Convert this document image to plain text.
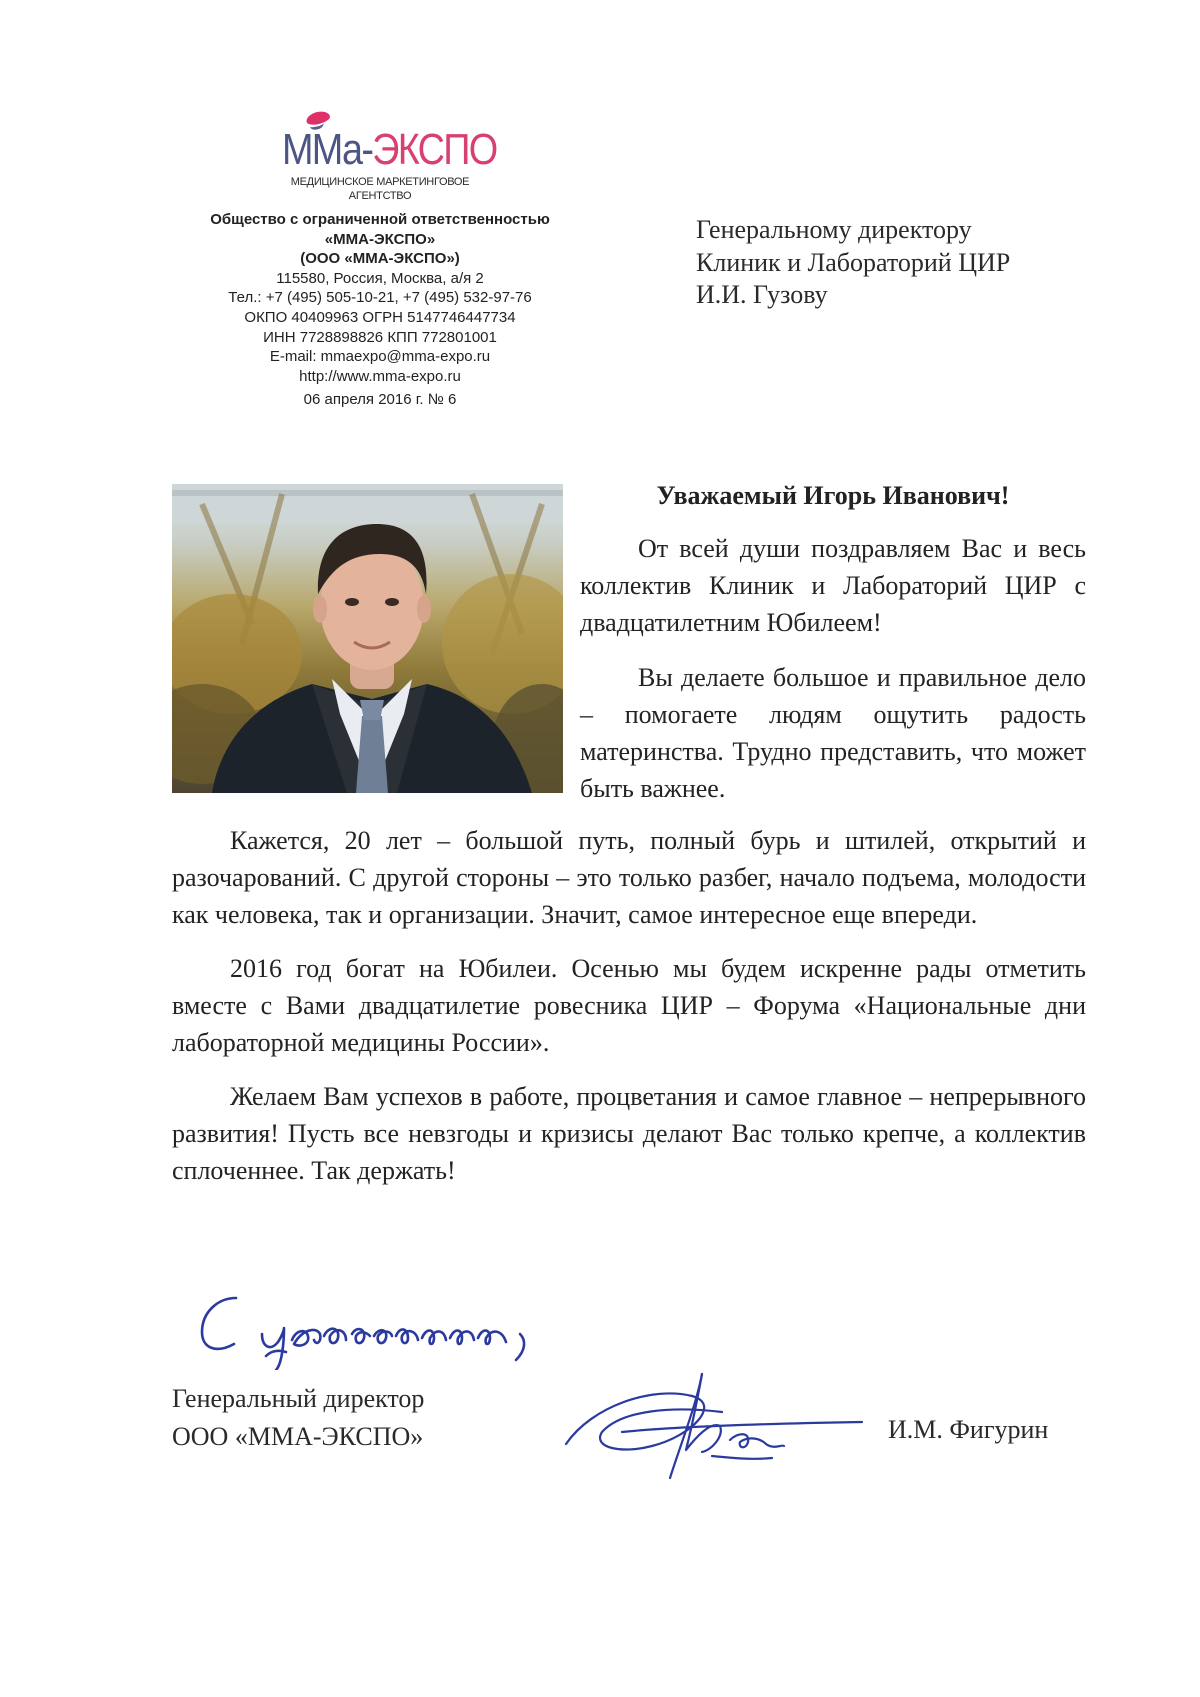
ММа-ЭКСПО
МЕДИЦИНСКОЕ МАРКЕТИНГОВОЕ
АГЕНТСТВО
Общество с ограниченной ответственностью
«ММА-ЭКСПО»
(ООО «ММА-ЭКСПО»)
115580, Россия, Москва, а/я 2
Тел.: +7 (495) 505-10-21, +7 (495) 532-97-76
ОКПО 40409963 ОГРН 5147746447734
ИНН 7728898826 КПП 772801001
E-mail: mmaexpo@mma-expo.ru
http://www.mma-expo.ru
06 апреля 2016 г. № 6
Генеральному директору
Клиник и Лабораторий ЦИР
И.И. Гузову
Уважаемый Игорь Иванович!

От всей души поздравляем Вас и весь коллектив Клиник и Лабораторий ЦИР с двадцатилетним Юбилеем!

Вы делаете большое и правильное дело – помогаете людям ощутить радость материнства. Трудно представить, что может быть важнее.

Кажется, 20 лет – большой путь, полный бурь и штилей, открытий и разочарований. С другой стороны – это только разбег, начало подъема, молодости как человека, так и организации. Значит, самое интересное еще впереди.

2016 год богат на Юбилеи. Осенью мы будем искренне рады отметить вместе с Вами двадцатилетие ровесника ЦИР – Форума «Национальные дни лабораторной медицины России».

Желаем Вам успехов в работе, процветания и самое главное – непрерывного развития! Пусть все невзгоды и кризисы делают Вас только крепче, а коллектив сплоченнее. Так держать!

Генеральный директор
ООО «ММА-ЭКСПО»	И.М. Фигурин
